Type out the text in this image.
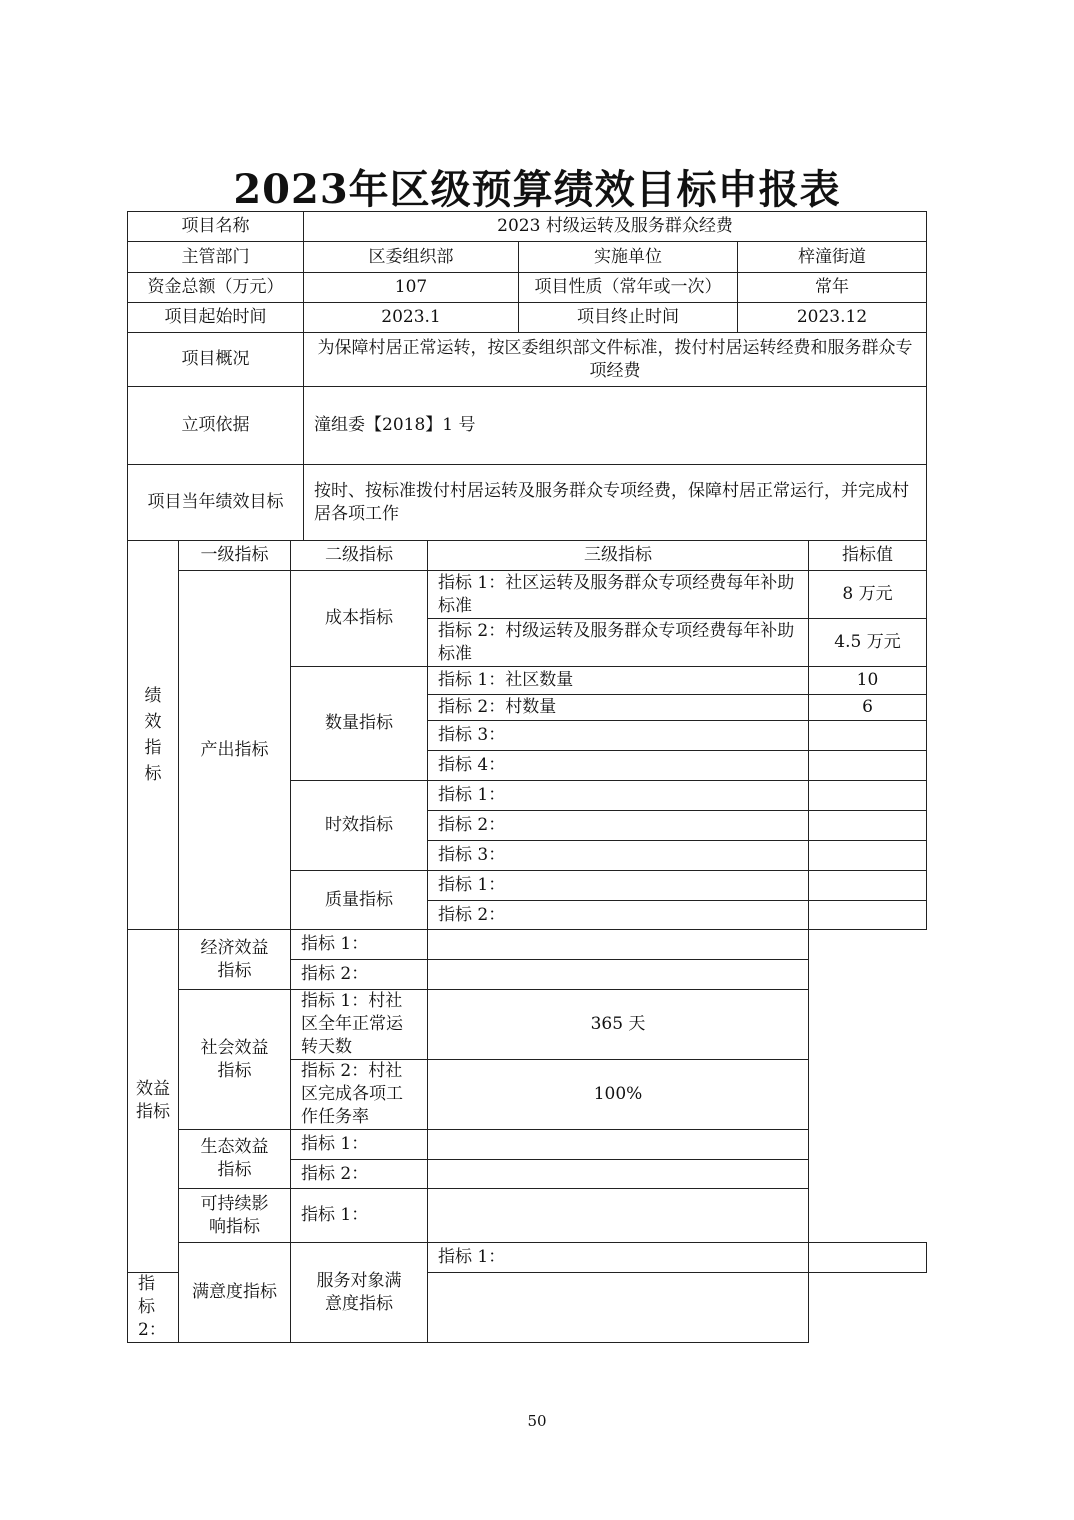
2023年区级预算绩效目标申报表
项目名称	2023 村级运转及服务群众经费		
主管部门	区委组织部	实施单位	梓潼街道
资金总额（万元）	107	项目性质（常年或一次）	常年
项目起始时间	2023.1	项目终止时间	2023.12
项目概况	为保障村居正常运转，按区委组织部文件标准，拨付村居运转经费和服务群众专项经费		
立项依据	潼组委【2018】1 号		
项目当年绩效目标	按时、按标准拨付村居运转及服务群众专项经费，保障村居正常运行，并完成村居各项工作		
绩效指标	一级指标	二级指标	三级指标	指标值
	产出指标	成本指标	指标 1：社区运转及服务群众专项经费每年补助标准	8 万元
			指标 2：村级运转及服务群众专项经费每年补助标准	4.5 万元
		数量指标	指标 1：社区数量	10
			指标 2：村数量	6
			指标 3：	
			指标 4：	
		时效指标	指标 1：	
			指标 2：	
			指标 3：	
		质量指标	指标 1：	
			指标 2：	
效益指标	经济效益指标	指标 1：		
		指标 2：		
	社会效益指标	指标 1：村社区全年正常运转天数	365 天	
		指标 2：村社区完成各项工作任务率	100%	
	生态效益指标	指标 1：		
		指标 2：		
	可持续影响指标	指标 1：		
	满意度指标	服务对象满意度指标	指标 1：	
指标 2：				
50
